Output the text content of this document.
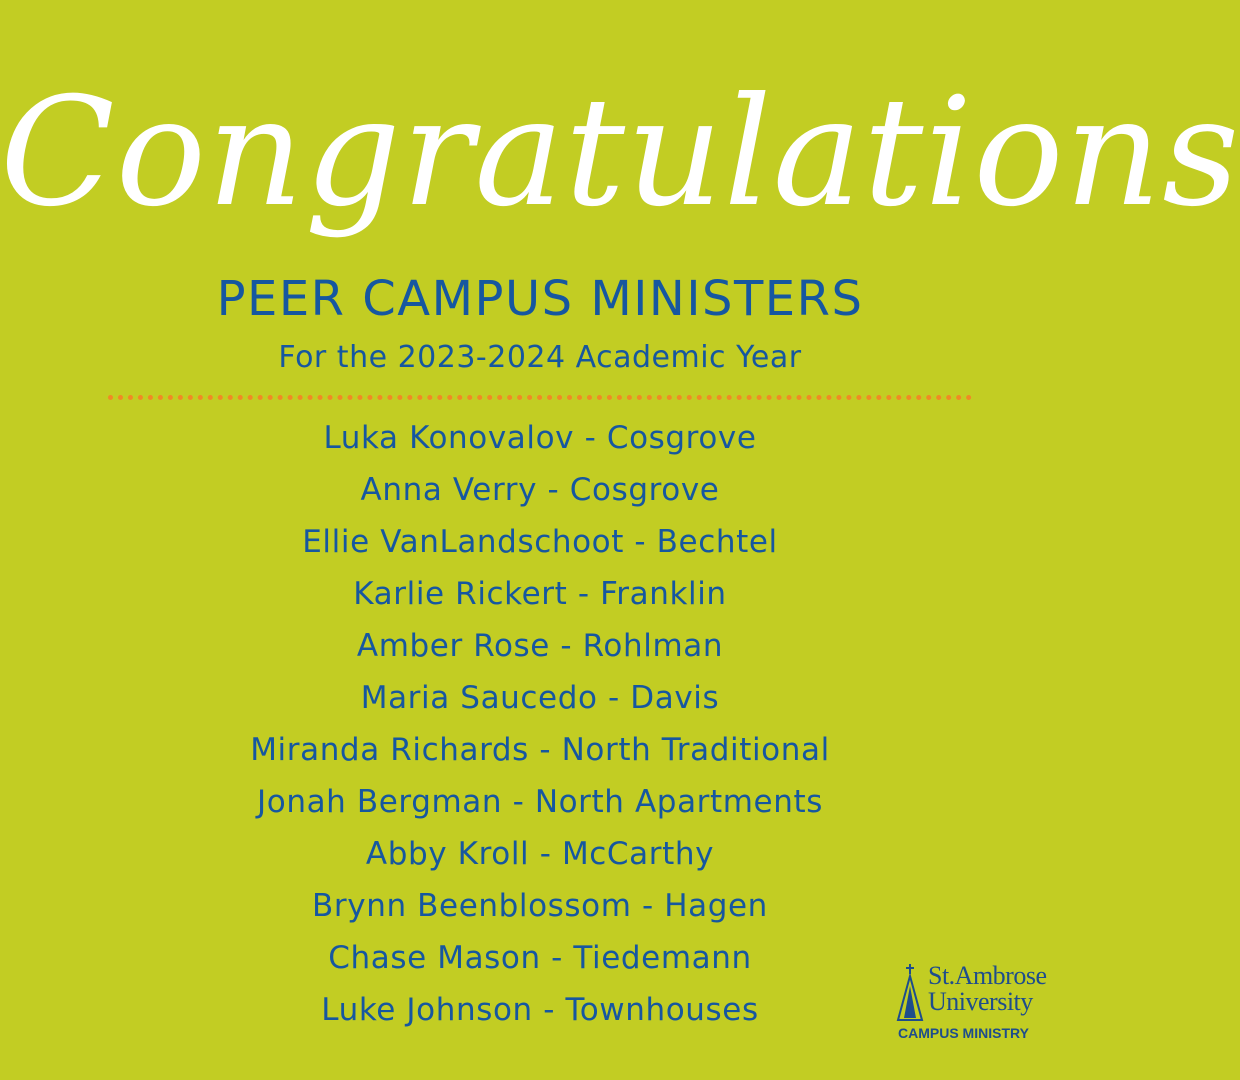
Congratulations
PEER CAMPUS MINISTERS
For the 2023-2024 Academic Year
Luka Konovalov - Cosgrove
Anna Verry - Cosgrove
Ellie VanLandschoot - Bechtel
Karlie Rickert - Franklin
Amber Rose - Rohlman
Maria Saucedo - Davis
Miranda Richards - North Traditional
Jonah Bergman - North Apartments
Abby Kroll - McCarthy
Brynn Beenblossom - Hagen
Chase Mason - Tiedemann
Luke Johnson - Townhouses
St.Ambrose
University
CAMPUS MINISTRY
